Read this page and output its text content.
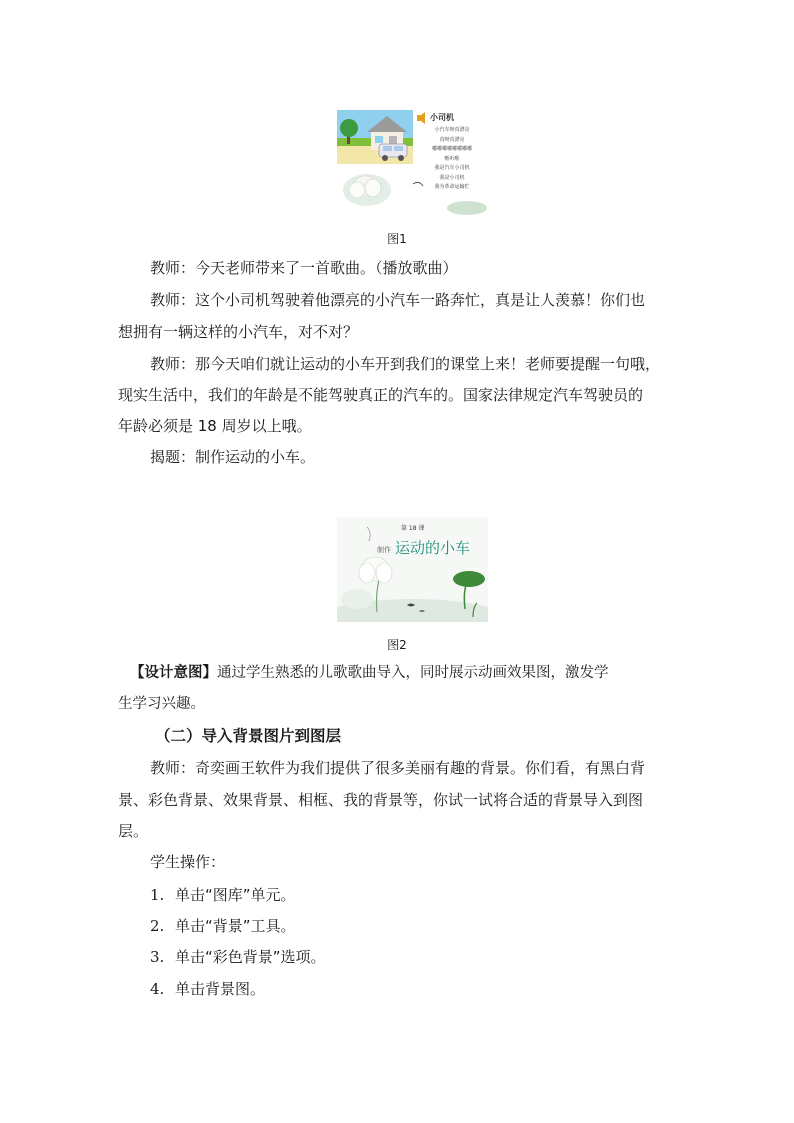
小司机
小汽车呀真漂亮
真呀真漂亮
嘟嘟嘟嘟嘟嘟嘟嘟
哳叭哳
我是汽车小司机
我是小司机
我为革命运输忙
图1
教师：今天老师带来了一首歌曲。（播放歌曲）
教师：这个小司机驾驶着他漂亮的小汽车一路奔忙，真是让人羡慕！你们也
想拥有一辆这样的小汽车，对不对？
教师：那今天咱们就让运动的小车开到我们的课堂上来！老师要提醒一句哦，
现实生活中，我们的年龄是不能驾驶真正的汽车的。国家法律规定汽车驾驶员的
年龄必须是 18 周岁以上哦。
揭题：制作运动的小车。
第 18 课
制作 运动的小车
图2
【设计意图】通过学生熟悉的儿歌歌曲导入，同时展示动画效果图，激发学
生学习兴趣。
（二）导入背景图片到图层
教师：奇奕画王软件为我们提供了很多美丽有趣的背景。你们看，有黑白背
景、彩色背景、效果背景、相框、我的背景等，你试一试将合适的背景导入到图
层。
学生操作：
1. 单击“图库”单元。
2. 单击“背景”工具。
3. 单击“彩色背景”选项。
4. 单击背景图。
